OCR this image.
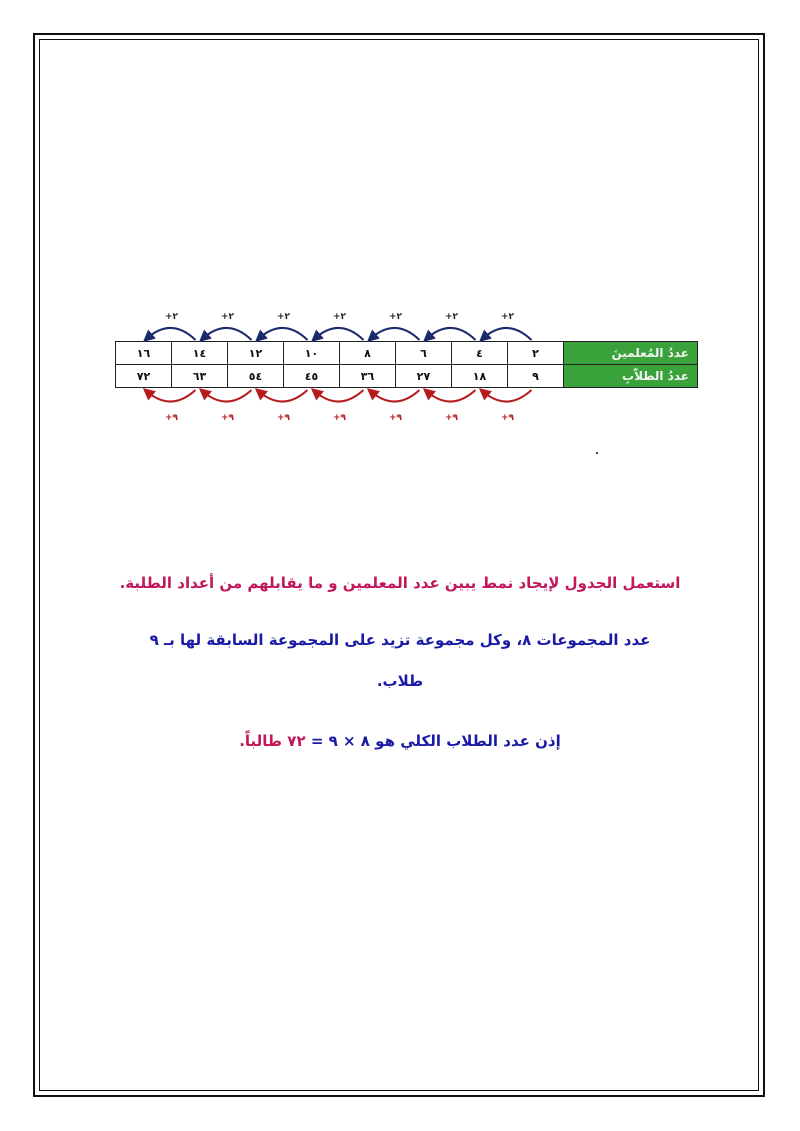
عددُ المُعلمينَ	٢	٤	٦	٨	١٠	١٢	١٤	١٦
عددُ الطلاّبِ	٩	١٨	٢٧	٣٦	٤٥	٥٤	٦٣	٧٢
+٢
+٩
+٢
+٩
+٢
+٩
+٢
+٩
+٢
+٩
+٢
+٩
+٢
+٩
استعمل الجدول لإيجاد نمط يبين عدد المعلمين و ما يقابلهم من أعداد الطلبة.
عدد المجموعات ٨، وكل مجموعة تزيد على المجموعة السابقة لها بـ ٩
طلاب.
إذن عدد الطلاب الكلي هو ٨ × ٩ = ٧٢ طالباً.
